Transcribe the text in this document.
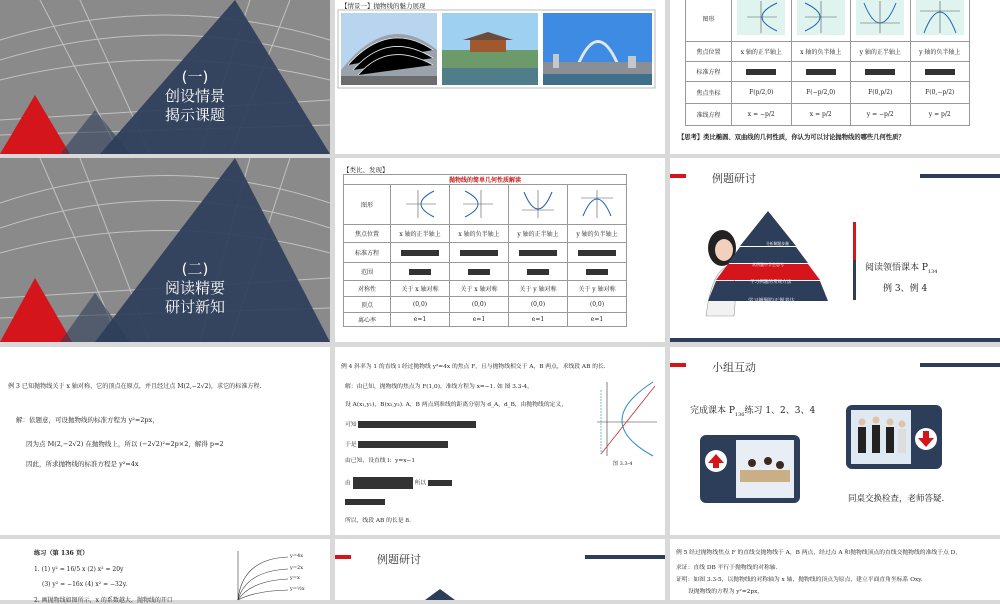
(一)
创设情景
揭示课题
【情景一】抛物线的魅力展现
图形				
焦点位置	x 轴的正半轴上	x 轴的负半轴上	y 轴的正半轴上	y 轴的负半轴上
标准方程				
焦点坐标	F(p/2,0)	F(−p/2,0)	F(0,p/2)	F(0,−p/2)
准线方程	x = −p/2	x = p/2	y = −p/2	y = p/2
【思考】类比椭圆、双曲线的几何性质，你认为可以讨论抛物线的哪些几何性质？
(二)
阅读精要
研讨新知
【类比、发现】
抛物线的简单几何性质解读				
图形				
焦点位置	x 轴的正半轴上	x 轴的负半轴上	y 轴的正半轴上	y 轴的负半轴上
标准方程				
范围				
对称性	关于 x 轴对称	关于 x 轴对称	关于 y 轴对称	关于 y 轴对称
顶点	(0,0)	(0,0)	(0,0)	(0,0)
离心率	e=1	e=1	e=1	e=1
例题研讨
分析解题步骤
从例题中学会思考
学习例题的常规方法
学习例题的正规表达
阅读领悟课本 $P_{134}$
例 3、例 4
例 3 已知抛物线关于 x 轴对称，它的顶点在原点，并且经过点 M(2,−2√2)，求它的标准方程.
解：依题意，可设抛物线的标准方程为 y²=2px，
因为点 M(2,−2√2) 在抛物线上，所以 (−2√2)²=2p×2，解得 p=2
因此，所求抛物线的标准方程是 y²=4x
例 4 斜率为 1 的直线 l 经过抛物线 y²=4x 的焦点 F，且与抛物线相交于 A，B 两点，求线段 AB 的长.
解：由已知，抛物线的焦点为 F(1,0)，准线方程为 x=−1. 如 图 3.3-4，
设 A(x₁,y₁)，B(x₂,y₂). A，B 两点到准线的距离分别为 d_A，d_B，由抛物线的定义，
可知
于是
由已知，设直线 l：y=x−1
由	所以
所以，线段 AB 的长是 8.
图 3.3-4
小组互动
完成课本 $P_{136}$练习 1、2、3、4
同桌交换检查，老师答疑.
练习（第 136 页）
1. (1) y² = 16/5 x (2) x² = 20y
(3) y² = −16x (4) x² = −32y.
2. 画抛物线如图所示，x 的系数越大，抛物线的开口
y=4x
y=2x
y=x
y=½x
例题研讨	例 5 经过抛物线焦点 F 的直线交抛物线于 A，B 两点，经过点 A 和抛物线顶点的直线交抛物线的准线于点 D，
求证：直线 DB 平行于抛物线的对称轴.
证明：如图 3.3-5，以抛物线的对称轴为 x 轴，抛物线的顶点为原点，建立平面直角坐标系 Oxy.
设抛物线的方程为 y²=2px，
